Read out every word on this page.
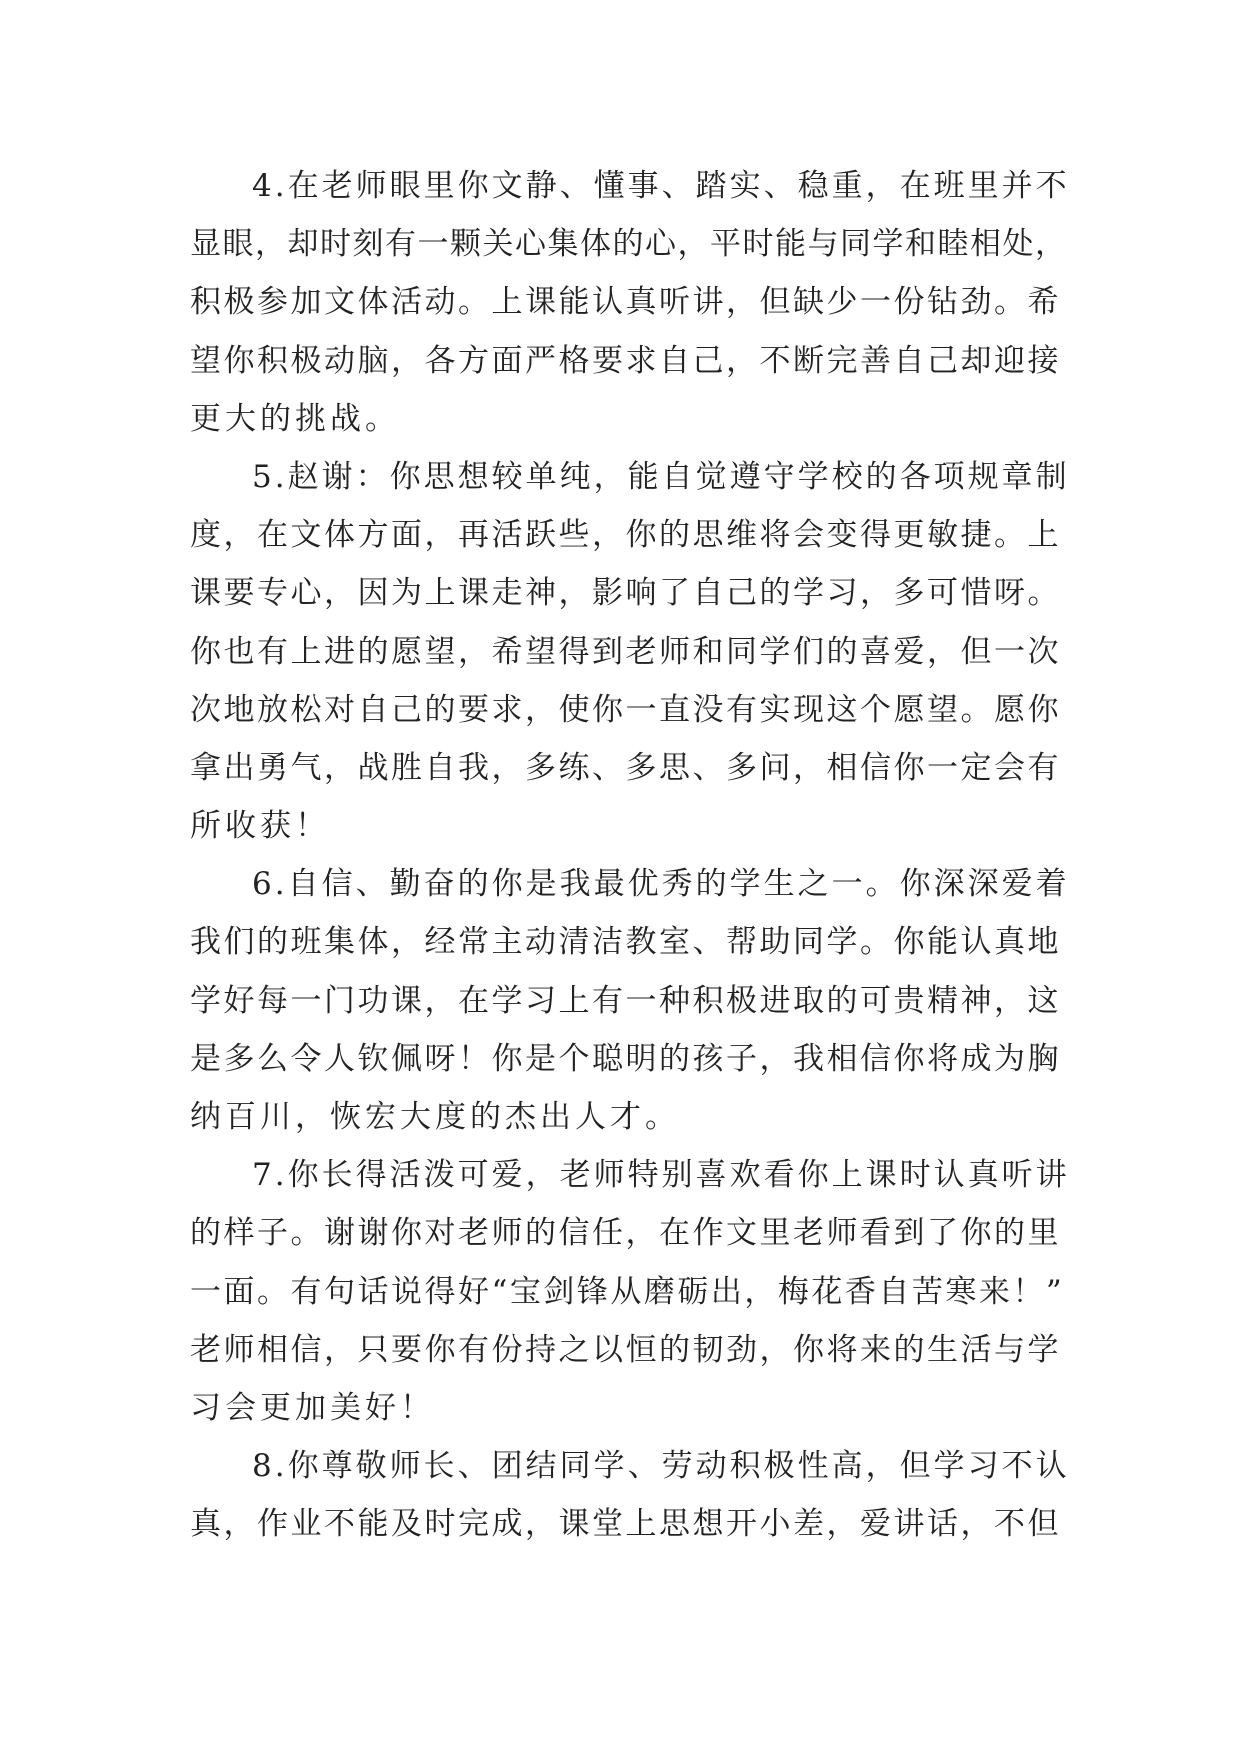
4.在老师眼里你文静、懂事、踏实、稳重，在班里并不
显眼，却时刻有一颗关心集体的心，平时能与同学和睦相处，
积极参加文体活动。上课能认真听讲，但缺少一份钻劲。希
望你积极动脑，各方面严格要求自己，不断完善自己却迎接
更大的挑战。
5.赵谢：你思想较单纯，能自觉遵守学校的各项规章制
度，在文体方面，再活跃些，你的思维将会变得更敏捷。上
课要专心，因为上课走神，影响了自己的学习，多可惜呀。
你也有上进的愿望，希望得到老师和同学们的喜爱，但一次
次地放松对自己的要求，使你一直没有实现这个愿望。愿你
拿出勇气，战胜自我，多练、多思、多问，相信你一定会有
所收获！
6.自信、勤奋的你是我最优秀的学生之一。你深深爱着
我们的班集体，经常主动清洁教室、帮助同学。你能认真地
学好每一门功课，在学习上有一种积极进取的可贵精神，这
是多么令人钦佩呀！你是个聪明的孩子，我相信你将成为胸
纳百川，恢宏大度的杰出人才。
7.你长得活泼可爱，老师特别喜欢看你上课时认真听讲
的样子。谢谢你对老师的信任，在作文里老师看到了你的里
一面。有句话说得好“宝剑锋从磨砺出，梅花香自苦寒来！”
老师相信，只要你有份持之以恒的韧劲，你将来的生活与学
习会更加美好！
8.你尊敬师长、团结同学、劳动积极性高，但学习不认
真，作业不能及时完成，课堂上思想开小差，爱讲话，不但
